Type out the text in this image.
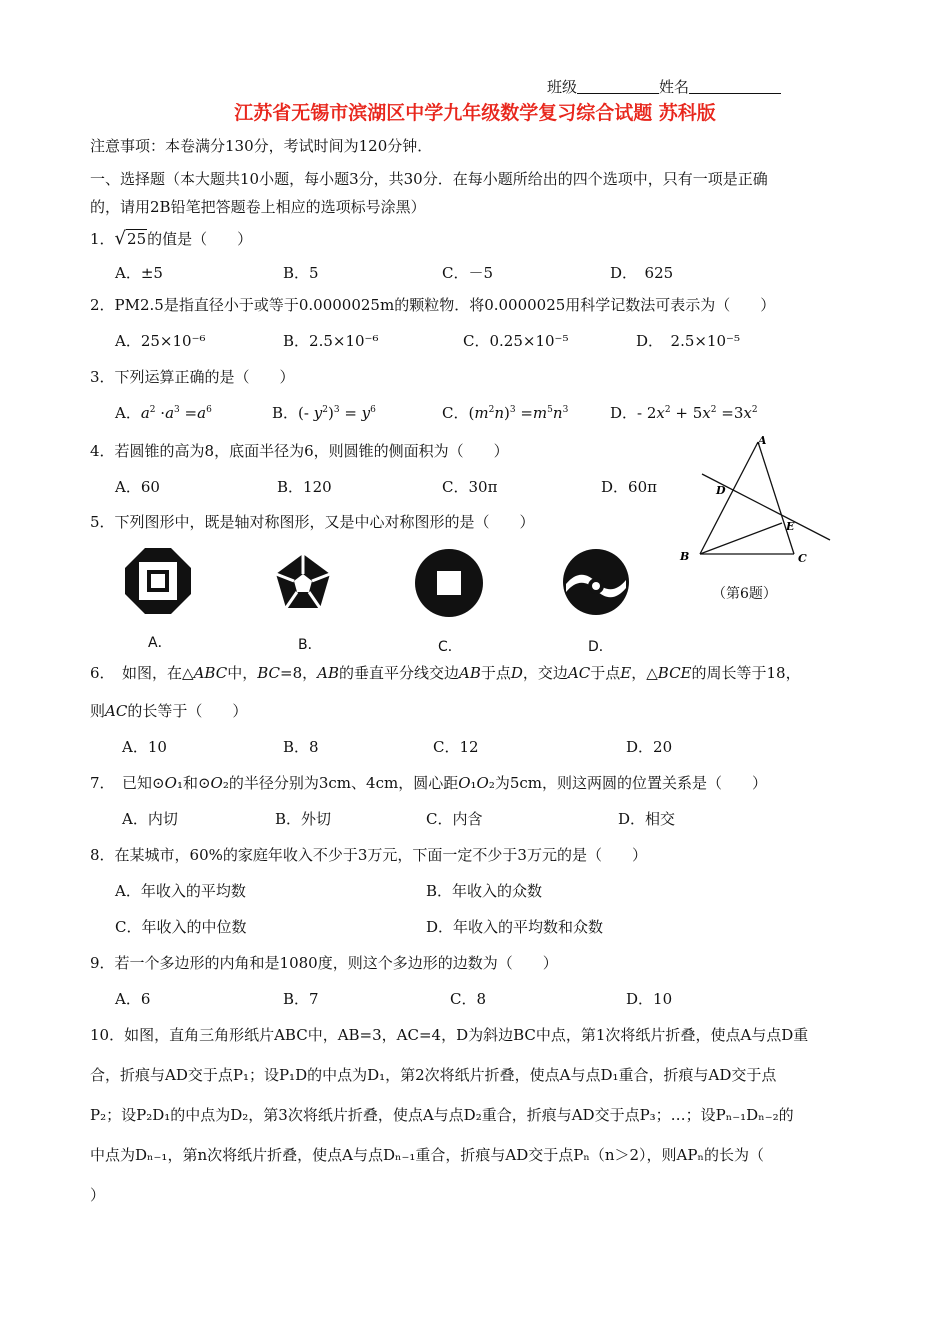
班级	姓名
江苏省无锡市滨湖区中学九年级数学复习综合试题 苏科版
注意事项：本卷满分130分，考试时间为120分钟．
一、选择题（本大题共10小题，每小题3分，共30分．在每小题所给出的四个选项中，只有一项是正确
的，请用2B铅笔把答题卷上相应的选项标号涂黑）
1．√25的值是（　　）
A．±5	B．5	C．－5	D．　625
2．PM2.5是指直径小于或等于0.0000025m的颗粒物．将0.0000025用科学记数法可表示为（　　）
A．25×10⁻⁶	B．2.5×10⁻⁶	C．0.25×10⁻⁵	D．　2.5×10⁻⁵
3．下列运算正确的是（　　）
A．$a^2 \cdot a^3 =a^6$	B．(- $y^2)^3 = y^6$	C．$(m^2n)^3 =m^5n^3$	D．- $2x^2 + 5x^2 =3x^2$
4．若圆锥的高为8，底面半径为6，则圆锥的侧面积为（　　）
A．60	B．120	C．30π	D．60π
5．下列图形中，既是轴对称图形，又是中心对称图形的是（　　）
A．	B．	C．	D．
A
B	C
D
E
（第6题）
6．　如图，在△ABC中，BC=8，AB的垂直平分线交边AB于点D，交边AC于点E，△BCE的周长等于18，
则AC的长等于（　　）
A．10	B．8	C．12	D．20
7．　已知⊙O₁和⊙O₂的半径分别为3cm、4cm，圆心距O₁O₂为5cm，则这两圆的位置关系是（　　）
A．内切	B．外切	C．内含	D．相交
8．在某城市，60%的家庭年收入不少于3万元，下面一定不少于3万元的是（　　）
A．年收入的平均数	B．年收入的众数
C．年收入的中位数	D．年收入的平均数和众数
9．若一个多边形的内角和是1080度，则这个多边形的边数为（　　）
A．6	B．7	C．8	D．10
10．如图，直角三角形纸片ABC中，AB=3，AC=4，D为斜边BC中点，第1次将纸片折叠，使点A与点D重
合，折痕与AD交于点P₁；设P₁D的中点为D₁，第2次将纸片折叠，使点A与点D₁重合，折痕与AD交于点
P₂；设P₂D₁的中点为D₂，第3次将纸片折叠，使点A与点D₂重合，折痕与AD交于点P₃；…；设Pₙ₋₁Dₙ₋₂的
中点为Dₙ₋₁，第n次将纸片折叠，使点A与点Dₙ₋₁重合，折痕与AD交于点Pₙ（n＞2），则APₙ的长为（
）
